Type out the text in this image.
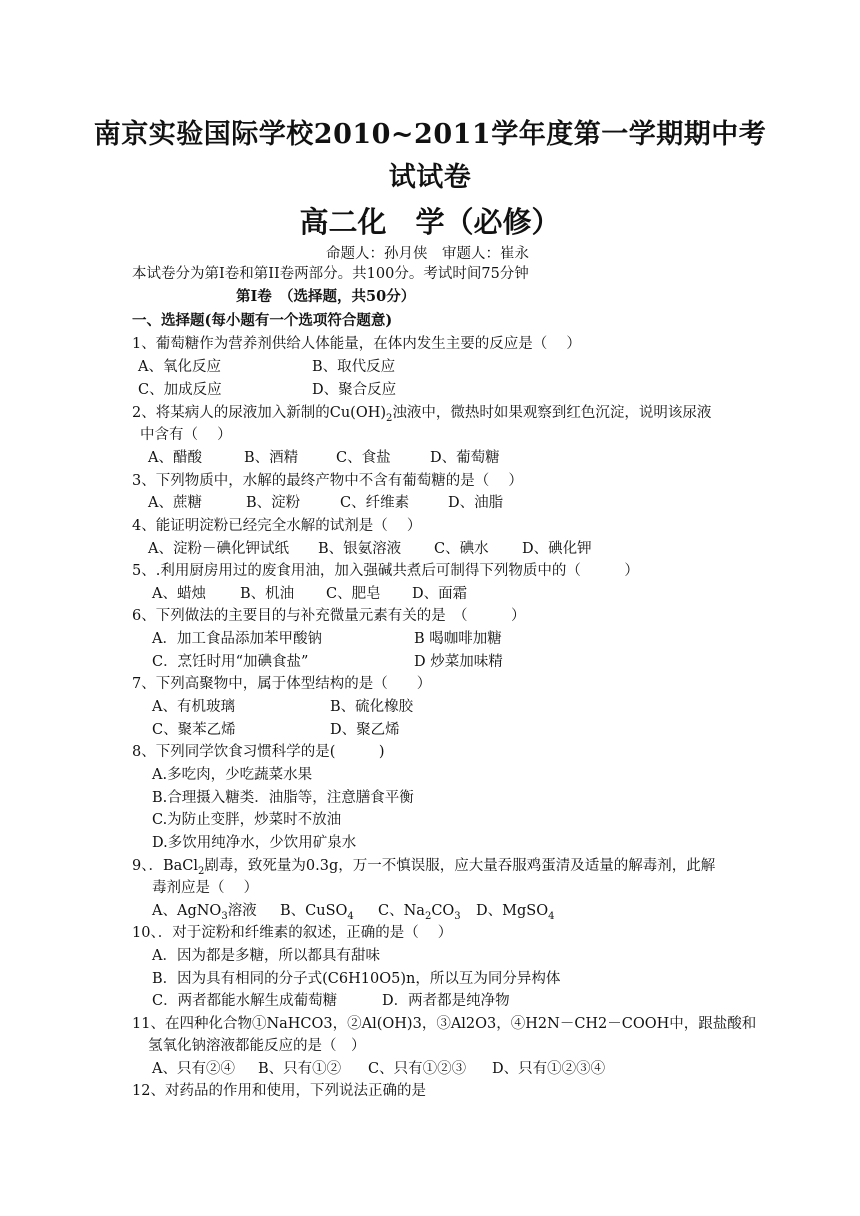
南京实验国际学校2010~2011学年度第一学期期中考
试试卷
高二化　学（必修）
命题人：孙月侠　审题人：崔永
本试卷分为第I卷和第II卷两部分。共100分。考试时间75分钟
第Ⅰ卷　（选择题，共50分）
一、选择题(每小题有一个选项符合题意)
1、葡萄糖作为营养剂供给人体能量，在体内发生主要的反应是（　 ）
A、氧化反应	B、取代反应
C、加成反应	D、聚合反应
2、将某病人的尿液加入新制的$Cu(OH)_2$浊液中，微热时如果观察到红色沉淀，说明该尿液
中含有（　 ）
A、醋酸	B、酒精	C、食盐	D、葡萄糖
3、下列物质中，水解的最终产物中不含有葡萄糖的是（　 ）
A、蔗糖	B、淀粉	C、纤维素	D、油脂
4、能证明淀粉已经完全水解的试剂是（　 ）
A、淀粉－碘化钾试纸 B、银氨溶液 C、碘水 D、碘化钾
5、.利用厨房用过的废食用油，加入强碱共煮后可制得下列物质中的（　　　）
A、蜡烛 B、机油 C、肥皂 D、面霜
6、下列做法的主要目的与补充微量元素有关的是　（　　　）
A．加工食品添加苯甲酸钠	B 喝咖啡加糖
C．烹饪时用“加碘食盐”	D 炒菜加味精
7、下列高聚物中，属于体型结构的是（　　）
A、有机玻璃	B、硫化橡胶
C、聚苯乙烯	D、聚乙烯
8、下列同学饮食习惯科学的是(　　　)
A.多吃肉，少吃蔬菜水果
B.合理摄入糖类．油脂等，注意膳食平衡
C.为防止变胖，炒菜时不放油
D.多饮用纯净水，少饮用矿泉水
9、．BaCl$_2$剧毒，致死量为0.3g，万一不慎误服，应大量吞服鸡蛋清及适量的解毒剂，此解
毒剂应是（　 ）
A、AgNO$_3$溶液 B、CuSO$_4$ C、$Na_2CO_3$ D、MgSO$_4$
10、．对于淀粉和纤维素的叙述，正确的是（　 ）
A．因为都是多糖，所以都具有甜味
B．因为具有相同的分子式(C6H10O5)n，所以互为同分异构体
C．两者都能水解生成葡萄糖	D．两者都是纯净物
11、在四种化合物①NaHCO3，②Al(OH)3，③Al2O3，④H2N－CH2－COOH中，跟盐酸和
氢氧化钠溶液都能反应的是（　）
A、只有②④ B、只有①② C、只有①②③ D、只有①②③④
12、对药品的作用和使用，下列说法正确的是
